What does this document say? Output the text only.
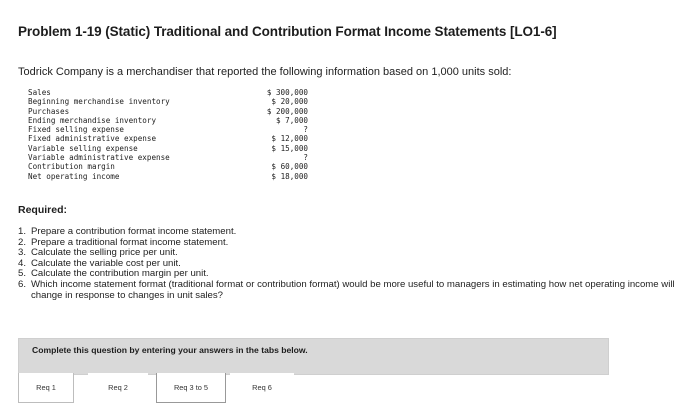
Problem 1-19 (Static) Traditional and Contribution Format Income Statements [LO1-6]
Todrick Company is a merchandiser that reported the following information based on 1,000 units sold:
Sales	$ 300,000
Beginning merchandise inventory	$ 20,000
Purchases	$ 200,000
Ending merchandise inventory	$ 7,000
Fixed selling expense	?
Fixed administrative expense	$ 12,000
Variable selling expense	$ 15,000
Variable administrative expense	?
Contribution margin	$ 60,000
Net operating income	$ 18,000
Required:
1. Prepare a contribution format income statement.
2. Prepare a traditional format income statement.
3. Calculate the selling price per unit.
4. Calculate the variable cost per unit.
5. Calculate the contribution margin per unit.
6. Which income statement format (traditional format or contribution format) would be more useful to managers in estimating how net operating income will change in response to changes in unit sales?
Complete this question by entering your answers in the tabs below.
Req 1	Req 2	Req 3 to 5	Req 6
